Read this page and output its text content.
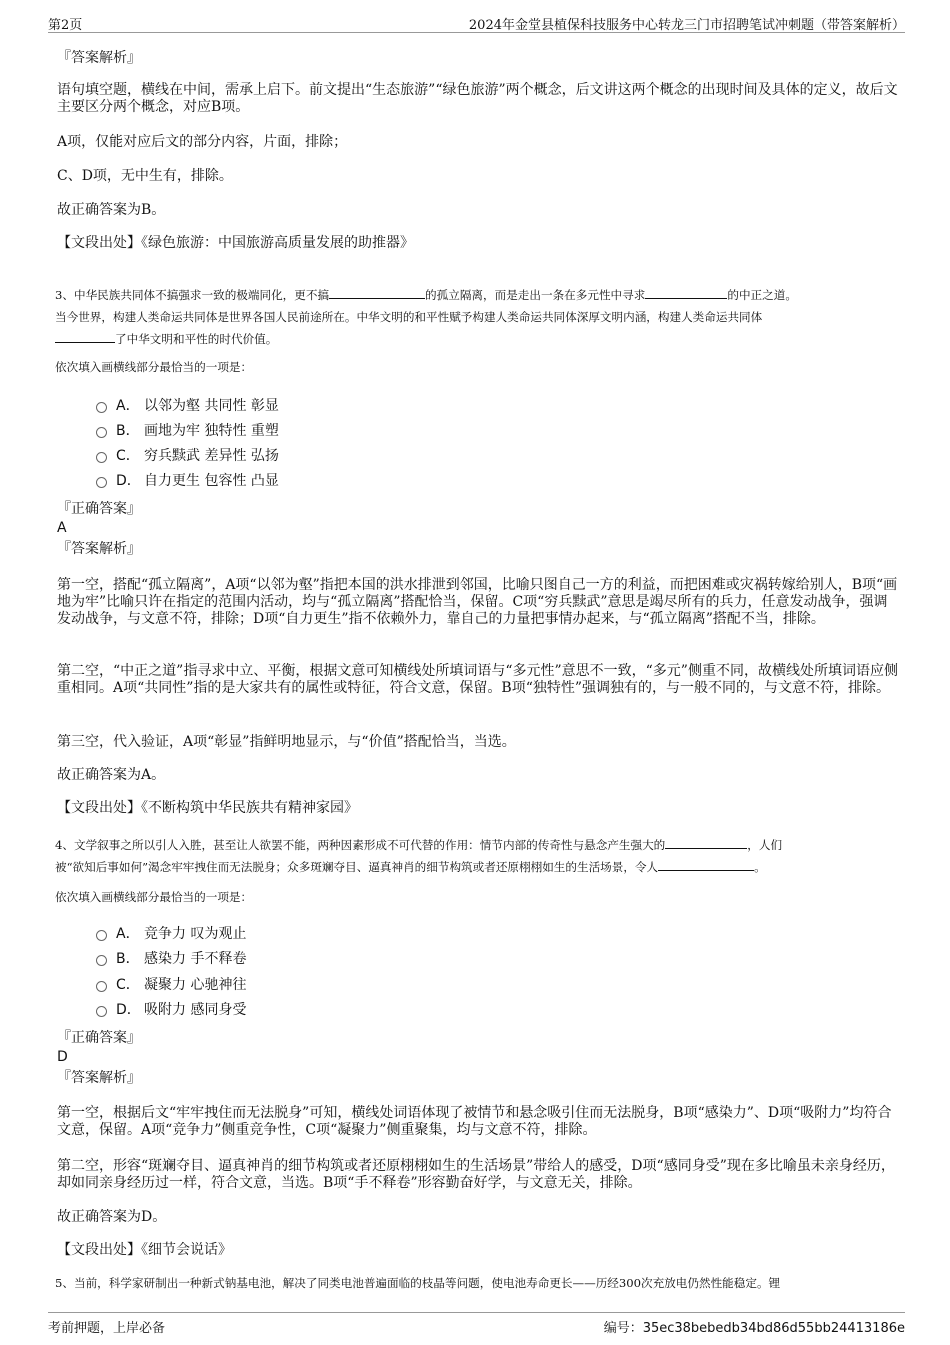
第2页	2024年金堂县植保科技服务中心转龙三门市招聘笔试冲刺题（带答案解析）
『答案解析』
语句填空题，横线在中间，需承上启下。前文提出“生态旅游”“绿色旅游”两个概念，后文讲这两个概念的出现时间及具体的定义，故后文主要区分两个概念，对应B项。
A项，仅能对应后文的部分内容，片面，排除；
C、D项，无中生有，排除。
故正确答案为B。
【文段出处】《绿色旅游：中国旅游高质量发展的助推器》
3、中华民族共同体不搞强求一致的极端同化，更不搞	的孤立隔离，而是走出一条在多元性中寻求	的中正之道。
当今世界，构建人类命运共同体是世界各国人民前途所在。中华文明的和平性赋予构建人类命运共同体深厚文明内涵，构建人类命运共同体
了中华文明和平性的时代价值。
依次填入画横线部分最恰当的一项是：
A． 以邻为壑 共同性 彰显
B． 画地为牢 独特性 重塑
C． 穷兵黩武 差异性 弘扬
D． 自力更生 包容性 凸显
『正确答案』
A
『答案解析』
第一空，搭配“孤立隔离”，A项“以邻为壑”指把本国的洪水排泄到邻国，比喻只图自己一方的利益，而把困难或灾祸转嫁给别人，B项“画地为牢”比喻只许在指定的范围内活动，均与“孤立隔离”搭配恰当，保留。C项“穷兵黩武”意思是竭尽所有的兵力，任意发动战争，强调发动战争，与文意不符，排除；D项“自力更生”指不依赖外力，靠自己的力量把事情办起来，与“孤立隔离”搭配不当，排除。
第二空，“中正之道”指寻求中立、平衡，根据文意可知横线处所填词语与“多元性”意思不一致，“多元”侧重不同，故横线处所填词语应侧重相同。A项“共同性”指的是大家共有的属性或特征，符合文意，保留。B项“独特性”强调独有的，与一般不同的，与文意不符，排除。
第三空，代入验证，A项“彰显”指鲜明地显示，与“价值”搭配恰当，当选。
故正确答案为A。
【文段出处】《不断构筑中华民族共有精神家园》
4、文学叙事之所以引人入胜，甚至让人欲罢不能，两种因素形成不可代替的作用：情节内部的传奇性与悬念产生强大的	，人们
被“欲知后事如何”渴念牢牢拽住而无法脱身；众多斑斓夺目、逼真神肖的细节构筑或者还原栩栩如生的生活场景，令人	。
依次填入画横线部分最恰当的一项是：
A． 竞争力 叹为观止
B． 感染力 手不释卷
C． 凝聚力 心驰神往
D． 吸附力 感同身受
『正确答案』
D
『答案解析』
第一空，根据后文“牢牢拽住而无法脱身”可知，横线处词语体现了被情节和悬念吸引住而无法脱身，B项“感染力”、D项“吸附力”均符合文意，保留。A项“竞争力”侧重竞争性，C项“凝聚力”侧重聚集，均与文意不符，排除。
第二空，形容“斑斓夺目、逼真神肖的细节构筑或者还原栩栩如生的生活场景”带给人的感受，D项“感同身受”现在多比喻虽未亲身经历，却如同亲身经历过一样，符合文意，当选。B项“手不释卷”形容勤奋好学，与文意无关，排除。
故正确答案为D。
【文段出处】《细节会说话》
5、当前，科学家研制出一种新式钠基电池，解决了同类电池普遍面临的枝晶等问题，使电池寿命更长——历经300次充放电仍然性能稳定。锂
考前押题，上岸必备	编号：35ec38bebedb34bd86d55bb24413186e
